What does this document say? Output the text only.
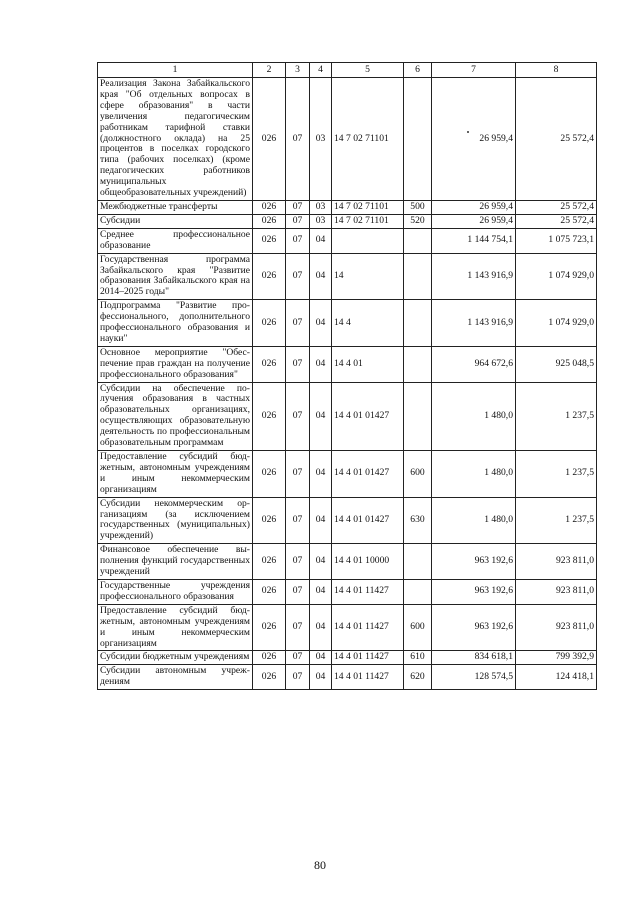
1	2	3	4	5	6	7	8
Реализация Закона Забайкальского края "Об отдельных вопросах в сфере образования" в части увеличения педагогическим работникам тарифной ставки (должностного оклада) на 25 процентов в поселках городского типа (рабочих поселках) (кроме педагогических работников муниципальных общеобразовательных учреждений)	026	07	03	14 7 02 71101		26 959,4	25 572,4
Межбюджетные трансферты	026	07	03	14 7 02 71101	500	26 959,4	25 572,4
Субсидии	026	07	03	14 7 02 71101	520	26 959,4	25 572,4
Среднее профессиональное образование	026	07	04			1 144 754,1	1 075 723,1
Государственная программа Забайкальского края "Развитие образования Забайкальского края на 2014–2025 годы"	026	07	04	14		1 143 916,9	1 074 929,0
Подпрограмма "Развитие профессионального, дополнительного профессионального образования и науки"	026	07	04	14 4		1 143 916,9	1 074 929,0
Основное мероприятие "Обеспечение прав граждан на получение профессионального образования"	026	07	04	14 4 01		964 672,6	925 048,5
Субсидии на обеспечение получения образования в частных образовательных организациях, осуществляющих образовательную деятельность по профессиональным образовательным программам	026	07	04	14 4 01 01427		1 480,0	1 237,5
Предоставление субсидий бюджетным, автономным учреждениям и иным некоммерческим организациям	026	07	04	14 4 01 01427	600	1 480,0	1 237,5
Субсидии некоммерческим организациям (за исключением государственных (муниципальных) учреждений)	026	07	04	14 4 01 01427	630	1 480,0	1 237,5
Финансовое обеспечение выполнения функций государственных учреждений	026	07	04	14 4 01 10000		963 192,6	923 811,0
Государственные учреждения профессионального образования	026	07	04	14 4 01 11427		963 192,6	923 811,0
Предоставление субсидий бюджетным, автономным учреждениям и иным некоммерческим организациям	026	07	04	14 4 01 11427	600	963 192,6	923 811,0
Субсидии бюджетным учреждениям	026	07	04	14 4 01 11427	610	834 618,1	799 392,9
Субсидии автономным учреждениям	026	07	04	14 4 01 11427	620	128 574,5	124 418,1
80
